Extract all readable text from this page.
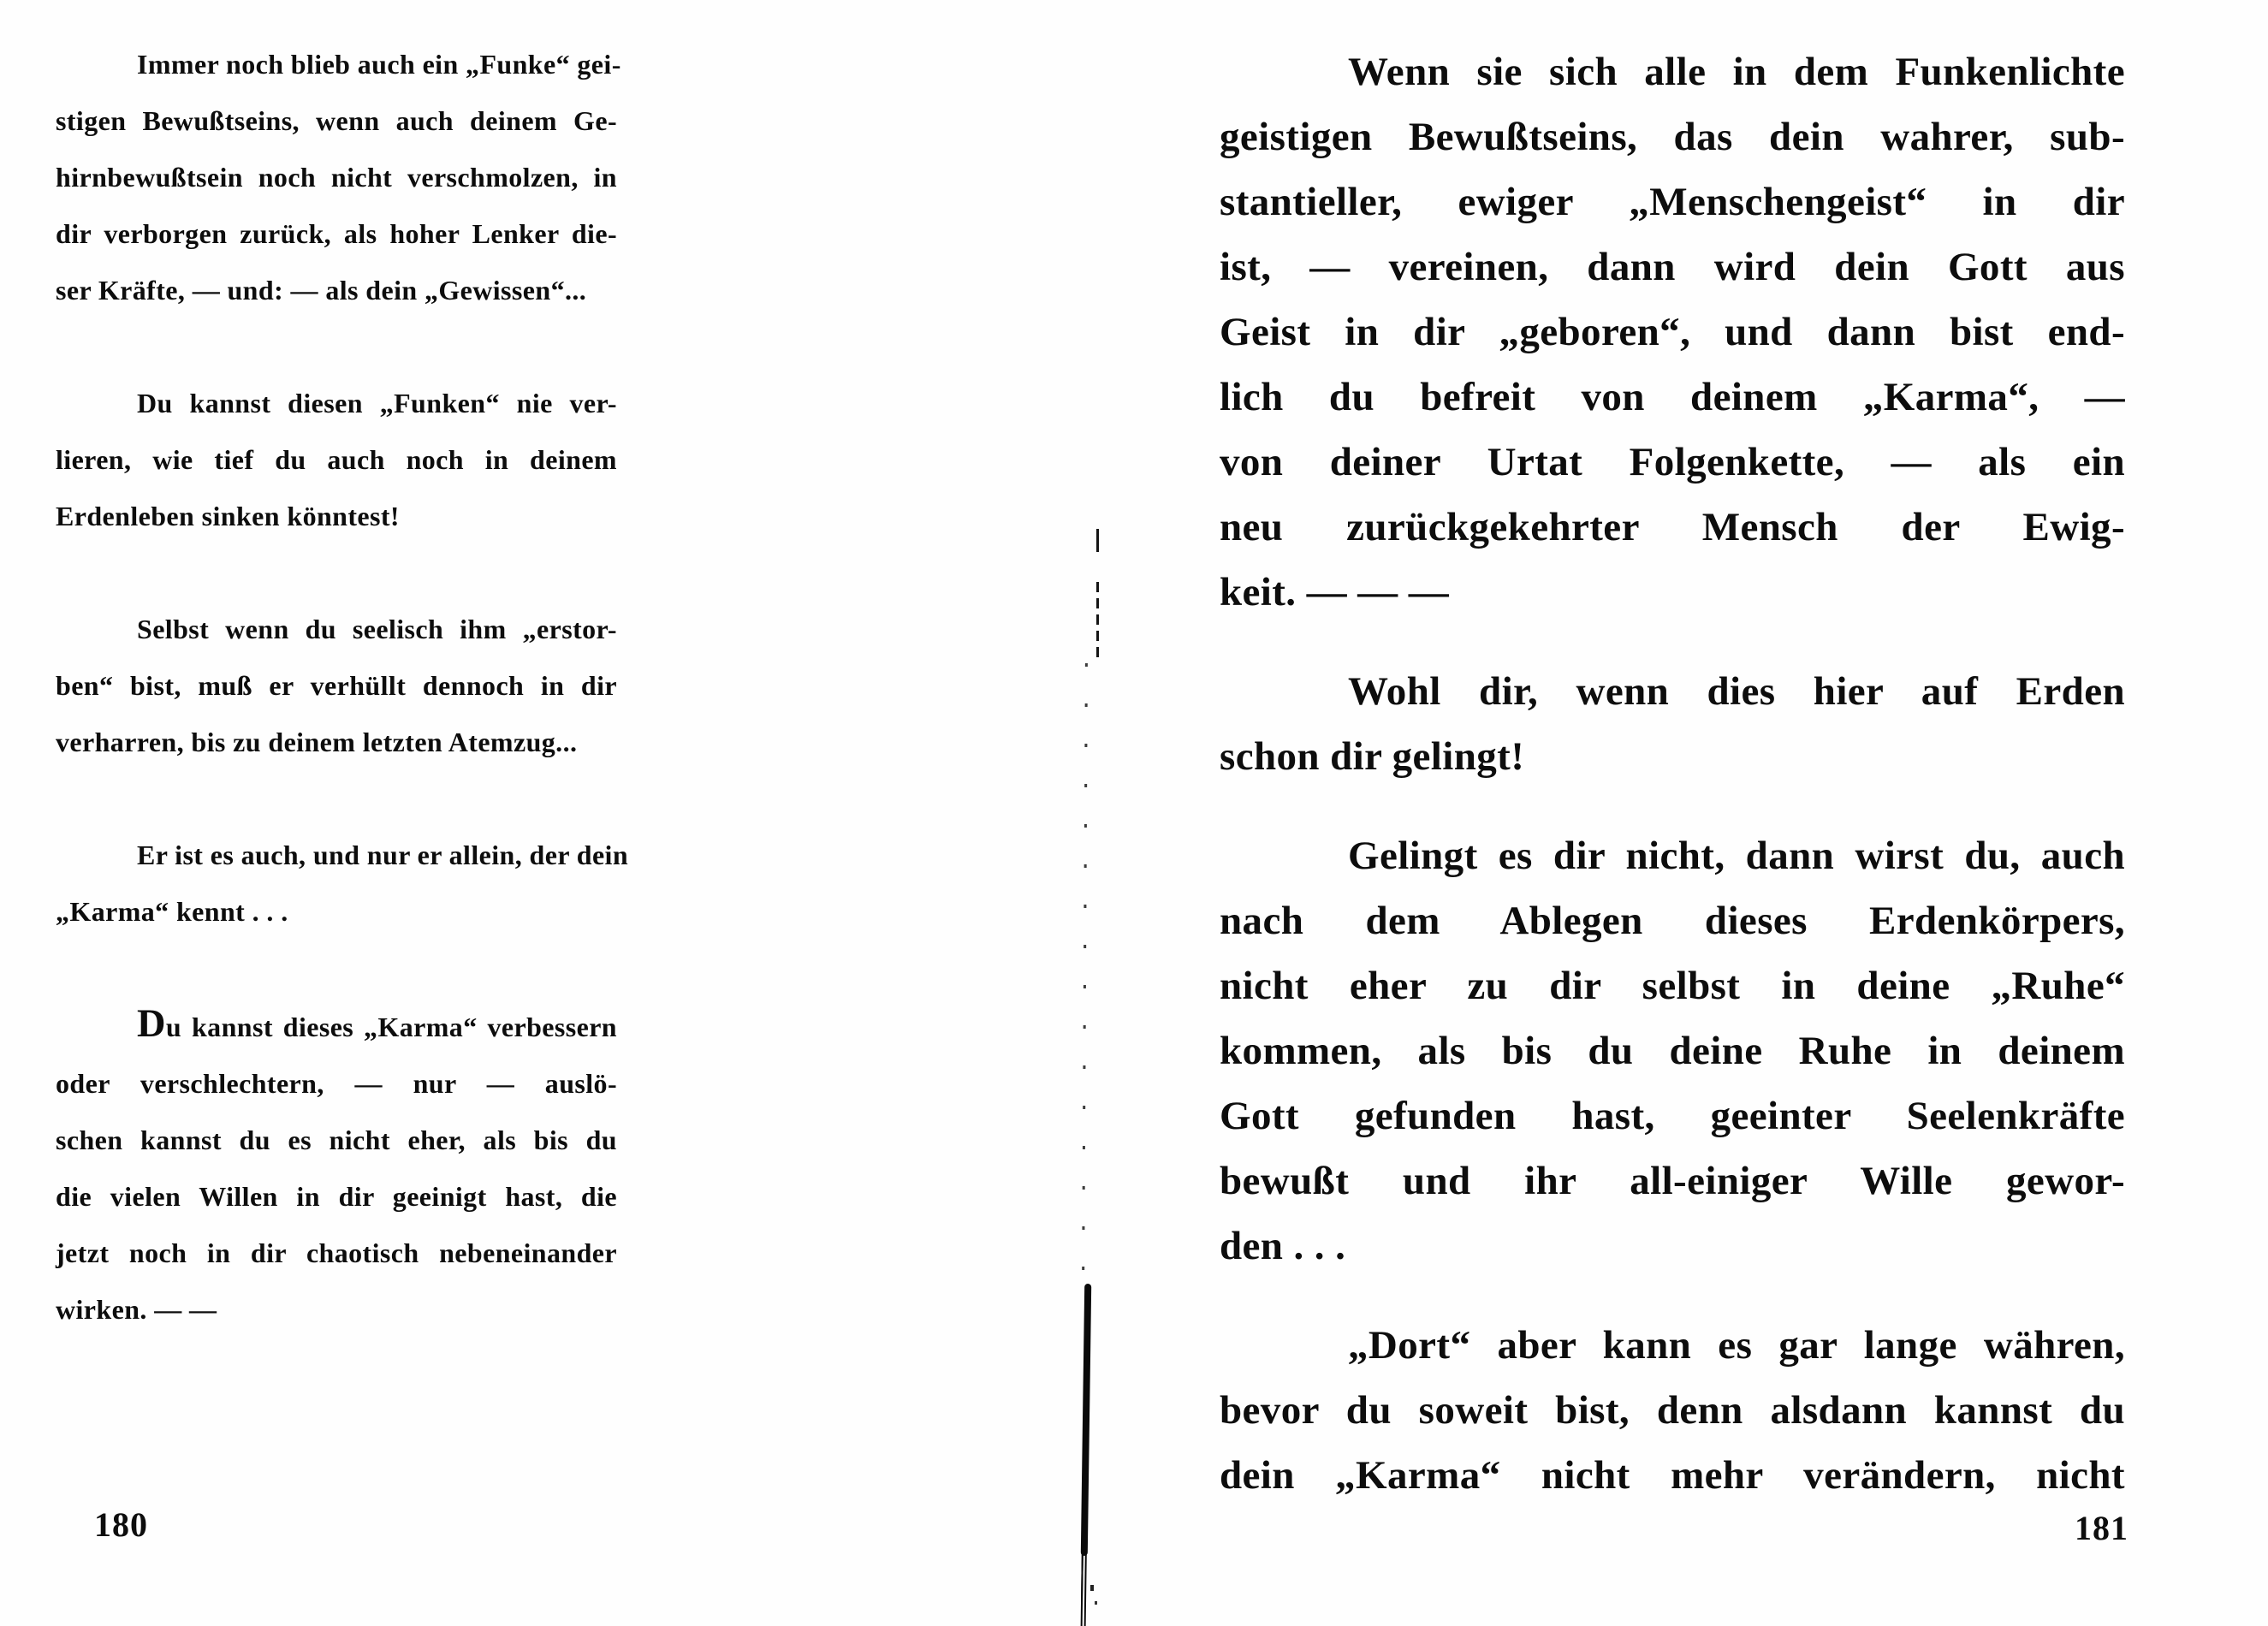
Immer noch blieb auch ein „Funke“ gei-
stigen Bewußtseins, wenn auch deinem Ge-
hirnbewußtsein noch nicht verschmolzen, in
dir verborgen zurück, als hoher Lenker die-
ser Kräfte, — und: — als dein „Gewissen“...
Du kannst diesen „Funken“ nie ver-
lieren, wie tief du auch noch in deinem
Erdenleben sinken könntest!
Selbst wenn du seelisch ihm „erstor-
ben“ bist, muß er verhüllt dennoch in dir
verharren, bis zu deinem letzten Atemzug...
Er ist es auch, und nur er allein, der dein
„Karma“ kennt . . .
Du kannst dieses „Karma“ verbessern
oder verschlechtern, — nur — auslö-
schen kannst du es nicht eher, als bis du
die vielen Willen in dir geeinigt hast, die
jetzt noch in dir chaotisch nebeneinander
wirken. — —
Wenn sie sich alle in dem Funkenlichte
geistigen Bewußtseins, das dein wahrer, sub-
stantieller, ewiger „Menschengeist“ in dir
ist, — vereinen, dann wird dein Gott aus
Geist in dir „geboren“, und dann bist end-
lich du befreit von deinem „Karma“, —
von deiner Urtat Folgenkette, — als ein
neu zurückgekehrter Mensch der Ewig-
keit. — — —
Wohl dir, wenn dies hier auf Erden
schon dir gelingt!
Gelingt es dir nicht, dann wirst du, auch
nach dem Ablegen dieses Erdenkörpers,
nicht eher zu dir selbst in deine „Ruhe“
kommen, als bis du deine Ruhe in deinem
Gott gefunden hast, geeinter Seelenkräfte
bewußt und ihr all-einiger Wille gewor-
den . . .
„Dort“ aber kann es gar lange währen,
bevor du soweit bist, denn alsdann kannst du
dein „Karma“ nicht mehr verändern, nicht
180	181
